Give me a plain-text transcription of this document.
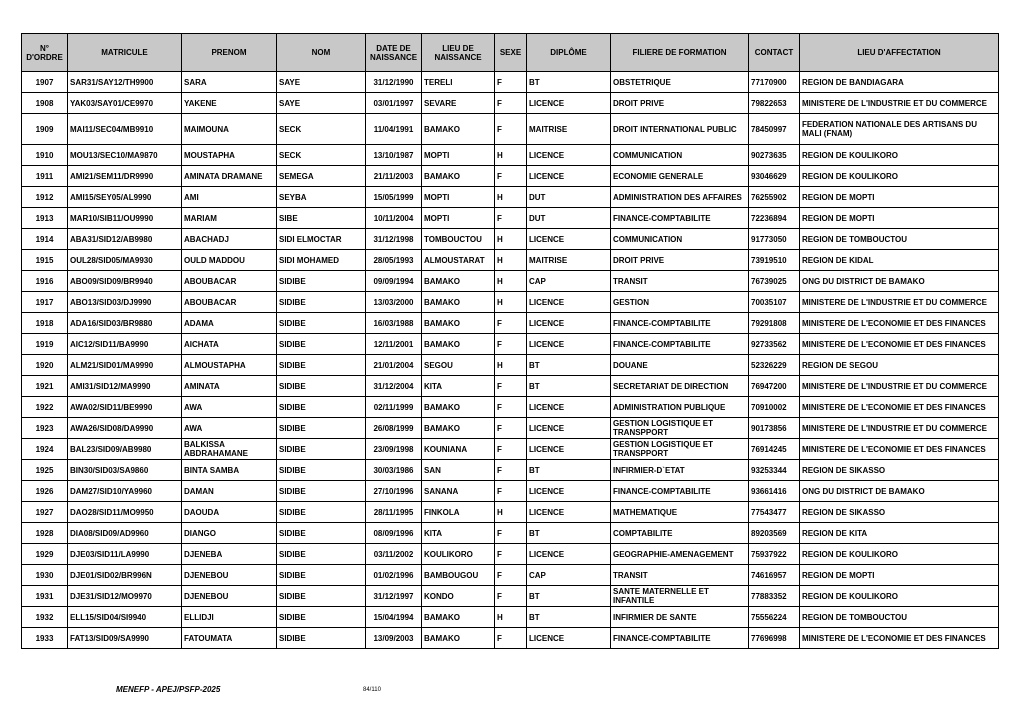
N° D'ORDRE	MATRICULE	PRENOM	NOM	DATE DE NAISSANCE	LIEU DE NAISSANCE	SEXE	DIPLÔME	FILIERE DE FORMATION	CONTACT	LIEU D'AFFECTATION
1907	SAR31/SAY12/TH9900	SARA	SAYE	31/12/1990	TERELI	F	BT	OBSTETRIQUE	77170900	REGION DE BANDIAGARA
1908	YAK03/SAY01/CE9970	YAKENE	SAYE	03/01/1997	SEVARE	F	LICENCE	DROIT PRIVE	79822653	MINISTERE DE L'INDUSTRIE ET DU COMMERCE
1909	MAI11/SEC04/MB9910	MAIMOUNA	SECK	11/04/1991	BAMAKO	F	MAITRISE	DROIT INTERNATIONAL PUBLIC	78450997	FEDERATION NATIONALE DES ARTISANS DU MALI (FNAM)
1910	MOU13/SEC10/MA9870	MOUSTAPHA	SECK	13/10/1987	MOPTI	H	LICENCE	COMMUNICATION	90273635	REGION DE KOULIKORO
1911	AMI21/SEM11/DR9990	AMINATA DRAMANE	SEMEGA	21/11/2003	BAMAKO	F	LICENCE	ECONOMIE GENERALE	93046629	REGION DE KOULIKORO
1912	AMI15/SEY05/AL9990	AMI	SEYBA	15/05/1999	MOPTI	H	DUT	ADMINISTRATION DES AFFAIRES	76255902	REGION DE MOPTI
1913	MAR10/SIB11/OU9990	MARIAM	SIBE	10/11/2004	MOPTI	F	DUT	FINANCE-COMPTABILITE	72236894	REGION DE MOPTI
1914	ABA31/SID12/AB9980	ABACHADJ	SIDI ELMOCTAR	31/12/1998	TOMBOUCTOU	H	LICENCE	COMMUNICATION	91773050	REGION DE TOMBOUCTOU
1915	OUL28/SID05/MA9930	OULD MADDOU	SIDI MOHAMED	28/05/1993	ALMOUSTARAT	H	MAITRISE	DROIT PRIVE	73919510	REGION DE KIDAL
1916	ABO09/SID09/BR9940	ABOUBACAR	SIDIBE	09/09/1994	BAMAKO	H	CAP	TRANSIT	76739025	ONG DU DISTRICT DE BAMAKO
1917	ABO13/SID03/DJ9990	ABOUBACAR	SIDIBE	13/03/2000	BAMAKO	H	LICENCE	GESTION	70035107	MINISTERE DE L'INDUSTRIE ET DU COMMERCE
1918	ADA16/SID03/BR9880	ADAMA	SIDIBE	16/03/1988	BAMAKO	F	LICENCE	FINANCE-COMPTABILITE	79291808	MINISTERE DE L'ECONOMIE ET DES FINANCES
1919	AIC12/SID11/BA9990	AICHATA	SIDIBE	12/11/2001	BAMAKO	F	LICENCE	FINANCE-COMPTABILITE	92733562	MINISTERE DE L'ECONOMIE ET DES FINANCES
1920	ALM21/SID01/MA9990	ALMOUSTAPHA	SIDIBE	21/01/2004	SEGOU	H	BT	DOUANE	52326229	REGION DE SEGOU
1921	AMI31/SID12/MA9990	AMINATA	SIDIBE	31/12/2004	KITA	F	BT	SECRETARIAT DE DIRECTION	76947200	MINISTERE DE L'INDUSTRIE ET DU COMMERCE
1922	AWA02/SID11/BE9990	AWA	SIDIBE	02/11/1999	BAMAKO	F	LICENCE	ADMINISTRATION PUBLIQUE	70910002	MINISTERE DE L'ECONOMIE ET DES FINANCES
1923	AWA26/SID08/DA9990	AWA	SIDIBE	26/08/1999	BAMAKO	F	LICENCE	GESTION LOGISTIQUE ET TRANSPPORT	90173856	MINISTERE DE L'INDUSTRIE ET DU COMMERCE
1924	BAL23/SID09/AB9980	BALKISSA ABDRAHAMANE	SIDIBE	23/09/1998	KOUNIANA	F	LICENCE	GESTION LOGISTIQUE ET TRANSPPORT	76914245	MINISTERE DE L'ECONOMIE ET DES FINANCES
1925	BIN30/SID03/SA9860	BINTA SAMBA	SIDIBE	30/03/1986	SAN	F	BT	INFIRMIER-D`ETAT	93253344	REGION DE SIKASSO
1926	DAM27/SID10/YA9960	DAMAN	SIDIBE	27/10/1996	SANANA	F	LICENCE	FINANCE-COMPTABILITE	93661416	ONG DU DISTRICT DE BAMAKO
1927	DAO28/SID11/MO9950	DAOUDA	SIDIBE	28/11/1995	FINKOLA	H	LICENCE	MATHEMATIQUE	77543477	REGION DE SIKASSO
1928	DIA08/SID09/AD9960	DIANGO	SIDIBE	08/09/1996	KITA	F	BT	COMPTABILITE	89203569	REGION DE KITA
1929	DJE03/SID11/LA9990	DJENEBA	SIDIBE	03/11/2002	KOULIKORO	F	LICENCE	GEOGRAPHIE-AMENAGEMENT	75937922	REGION DE KOULIKORO
1930	DJE01/SID02/BR996N	DJENEBOU	SIDIBE	01/02/1996	BAMBOUGOU	F	CAP	TRANSIT	74616957	REGION DE MOPTI
1931	DJE31/SID12/MO9970	DJENEBOU	SIDIBE	31/12/1997	KONDO	F	BT	SANTE MATERNELLE ET INFANTILE	77883352	REGION DE KOULIKORO
1932	ELL15/SID04/SI9940	ELLIDJI	SIDIBE	15/04/1994	BAMAKO	H	BT	INFIRMIER DE SANTE	75556224	REGION DE TOMBOUCTOU
1933	FAT13/SID09/SA9990	FATOUMATA	SIDIBE	13/09/2003	BAMAKO	F	LICENCE	FINANCE-COMPTABILITE	77696998	MINISTERE DE L'ECONOMIE ET DES FINANCES
MENEFP - APEJ/PSFP-2025	84/110
